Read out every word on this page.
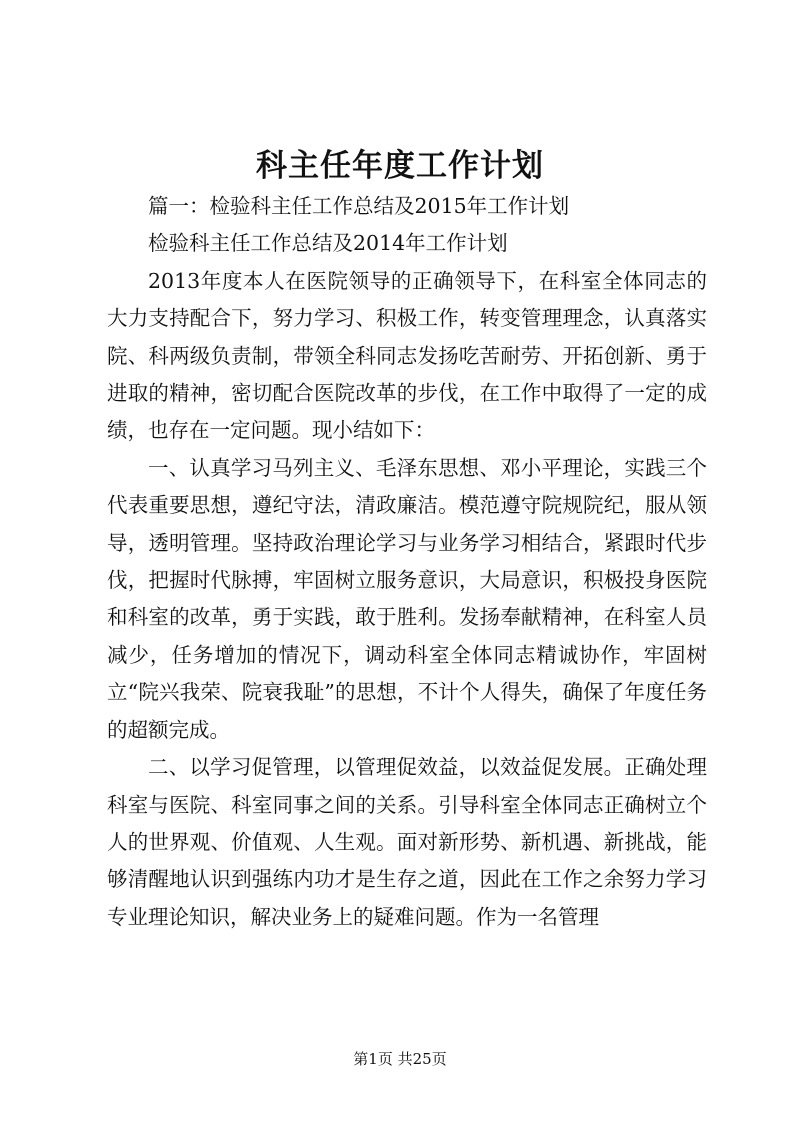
科主任年度工作计划

篇一：检验科主任工作总结及2015年工作计划

检验科主任工作总结及2014年工作计划

2013年度本人在医院领导的正确领导下，在科室全体同志的大力支持配合下，努力学习、积极工作，转变管理理念，认真落实院、科两级负责制，带领全科同志发扬吃苦耐劳、开拓创新、勇于进取的精神，密切配合医院改革的步伐，在工作中取得了一定的成绩，也存在一定问题。现小结如下：

一、认真学习马列主义、毛泽东思想、邓小平理论，实践三个代表重要思想，遵纪守法，清政廉洁。模范遵守院规院纪，服从领导，透明管理。坚持政治理论学习与业务学习相结合，紧跟时代步伐，把握时代脉搏，牢固树立服务意识，大局意识，积极投身医院和科室的改革，勇于实践，敢于胜利。发扬奉献精神，在科室人员减少，任务增加的情况下，调动科室全体同志精诚协作，牢固树立“院兴我荣、院衰我耻”的思想，不计个人得失，确保了年度任务的超额完成。

二、以学习促管理，以管理促效益，以效益促发展。正确处理科室与医院、科室同事之间的关系。引导科室全体同志正确树立个人的世界观、价值观、人生观。面对新形势、新机遇、新挑战，能够清醒地认识到强练内功才是生存之道，因此在工作之余努力学习专业理论知识，解决业务上的疑难问题。作为一名管理

第1页 共25页
